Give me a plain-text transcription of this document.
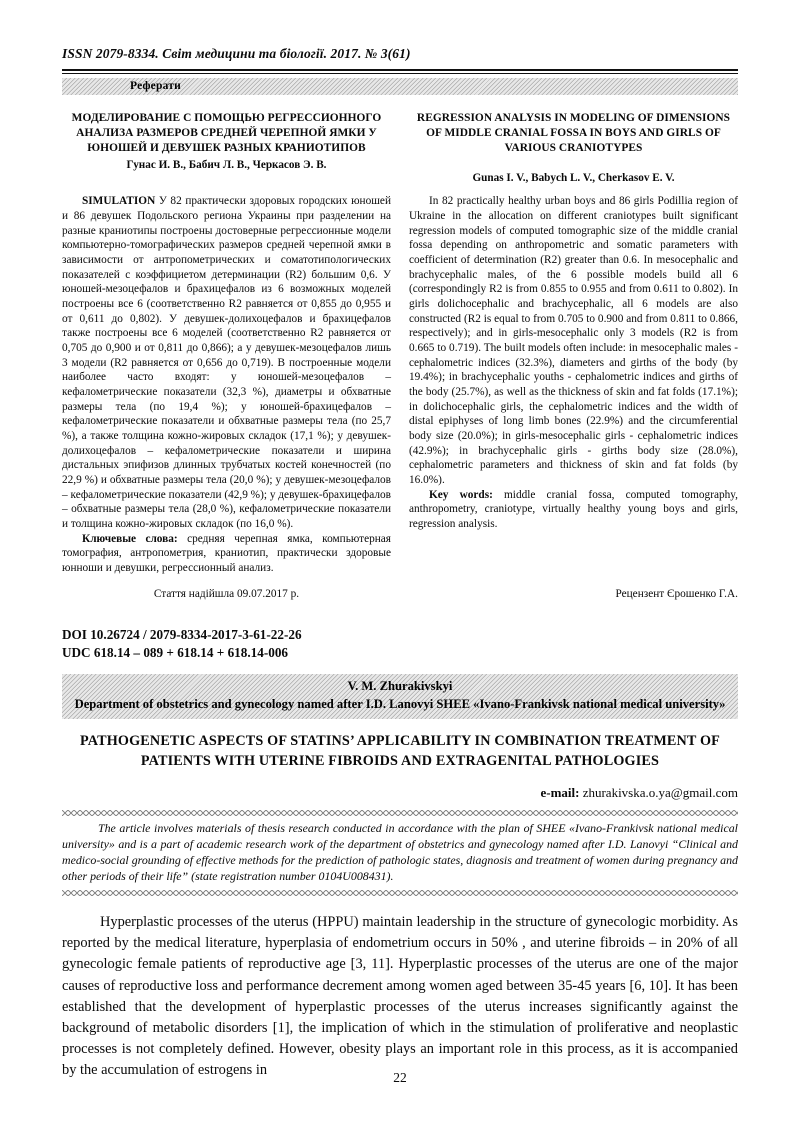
ISSN 2079-8334. Світ медицини та біології. 2017. № 3(61)
Реферати
МОДЕЛИРОВАНИЕ С ПОМОЩЬЮ РЕГРЕССИОННОГО АНАЛИЗА РАЗМЕРОВ СРЕДНЕЙ ЧЕРЕПНОЙ ЯМКИ У ЮНОШЕЙ И ДЕВУШЕК РАЗНЫХ КРАНИОТИПОВ
Гунас И. В., Бабич Л. В., Черкасов Э. В.
REGRESSION ANALYSIS IN MODELING OF DIMENSIONS OF MIDDLE CRANIAL FOSSA IN BOYS AND GIRLS OF VARIOUS CRANIOTYPES
Gunas I. V., Babych L. V., Cherkasov E. V.

SIMULATION У 82 практически здоровых городских юношей и 86 девушек Подольского региона Украины при разделении на разные краниотипы построены достоверные регрессионные модели компьютерно-томографических размеров средней черепной ямки в зависимости от антропометрических и соматотипологических показателей с коэффициетом детерминации (R2) большим 0,6. У юношей-мезоцефалов и брахицефалов из 6 возможных моделей построены все 6 (соответственно R2 равняется от 0,855 до 0,955 и от 0,611 до 0,802). У девушек-долихоцефалов и брахицефалов также построены все 6 моделей (соответственно R2 равняется от 0,705 до 0,900 и от 0,811 до 0,866); а у девушек-мезоцефалов лишь 3 модели (R2 равняется от 0,656 до 0,719). В построенные модели наиболее часто входят: у юношей-мезоцефалов – кефалометрические показатели (32,3 %), диаметры и обхватные размеры тела (по 19,4 %); у юношей-брахицефалов – кефалометрические показатели и обхватные размеры тела (по 25,7 %), а также толщина кожно-жировых складок (17,1 %); у девушек-долихоцефалов – кефалометрические показатели и ширина дистальных эпифизов длинных трубчатых костей конечностей (по 22,9 %) и обхватные размеры тела (20,0 %); у девушек-мезоцефалов – кефалометрические показатели (42,9 %); у девушек-брахицефалов – обхватные размеры тела (28,0 %), кефалометрические показатели и толщина кожно-жировых складок (по 16,0 %).

Ключевые слова: средняя черепная ямка, компьютерная томография, антропометрия, краниотип, практически здоровые юнноши и девушки, регрессионный анализ.

In 82 practically healthy urban boys and 86 girls Podillia region of Ukraine in the allocation on different craniotypes built significant regression models of computed tomographic size of the middle cranial fossa depending on anthropometric and somatic parameters with coefficient of determination (R2) greater than 0.6. In mesocephalic and brachycephalic males, of the 6 possible models build all 6 (correspondingly R2 is from 0.855 to 0.955 and from 0.611 to 0.802). In girls dolichocephalic and brachycephalic, all 6 models are also constructed (R2 is equal to from 0.705 to 0.900 and from 0.811 to 0.866, respectively); and in girls-mesocephalic only 3 models (R2 is from 0.665 to 0.719). The built models often include: in mesocephalic males - cephalometric indices (32.3%), diameters and girths of the body (by 19.4%); in brachycephalic youths - cephalometric indices and girths of the body (25.7%), as well as the thickness of skin and fat folds (17.1%); in dolichocephalic girls, the cephalometric indices and the width of distal epiphyses of long limb bones (22.9%) and the circumferential body size (20.0%); in girls-mesocephalic girls - cephalometric indices (42.9%); in brachycephalic girls - girths body size (28.0%), cephalometric parameters and thickness of skin and fat folds (by 16.0%).

Key words: middle cranial fossa, computed tomography, anthropometry, craniotype, virtually healthy young boys and girls, regression analysis.

Стаття надійшла 09.07.2017 р.	Рецензент Єрошенко Г.А.
DOI 10.26724 / 2079-8334-2017-3-61-22-26
UDC 618.14 – 089 + 618.14 + 618.14-006
V. M. Zhurakivskyi
Department of obstetrics and gynecology named after I.D. Lanovyi SHEE «Ivano-Frankivsk national medical university»
PATHOGENETIC ASPECTS OF STATINS’ APPLICABILITY IN COMBINATION TREATMENT OF PATIENTS WITH UTERINE FIBROIDS AND EXTRAGENITAL PATHOLOGIES
e-mail: zhurakivska.o.ya@gmail.com

The article involves materials of thesis research conducted in accordance with the plan of SHEE «Ivano-Frankivsk national medical university» and is a part of academic research work of the department of obstetrics and gynecology named after I.D. Lanovyi “Clinical and medico-social grounding of effective methods for the prediction of pathologic states, diagnosis and treatment of women during pregnancy and other periods of their life” (state registration number 0104U008431).

Hyperplastic processes of the uterus (HPPU) maintain leadership in the structure of gynecologic morbidity. As reported by the medical literature, hyperplasia of endometrium occurs in 50% , and uterine fibroids – in 20% of all gynecologic female patients of reproductive age [3, 11]. Hyperplastic processes of the uterus are one of the major causes of reproductive loss and performance decrement among women aged between 35-45 years [6, 10]. It has been established that the development of hyperplastic processes of the uterus increases significantly against the background of metabolic disorders [1], the implication of which in the stimulation of proliferative and neoplastic processes is not completely defined. However, obesity plays an important role in this process, as it is accompanied by the accumulation of estrogens in	22
